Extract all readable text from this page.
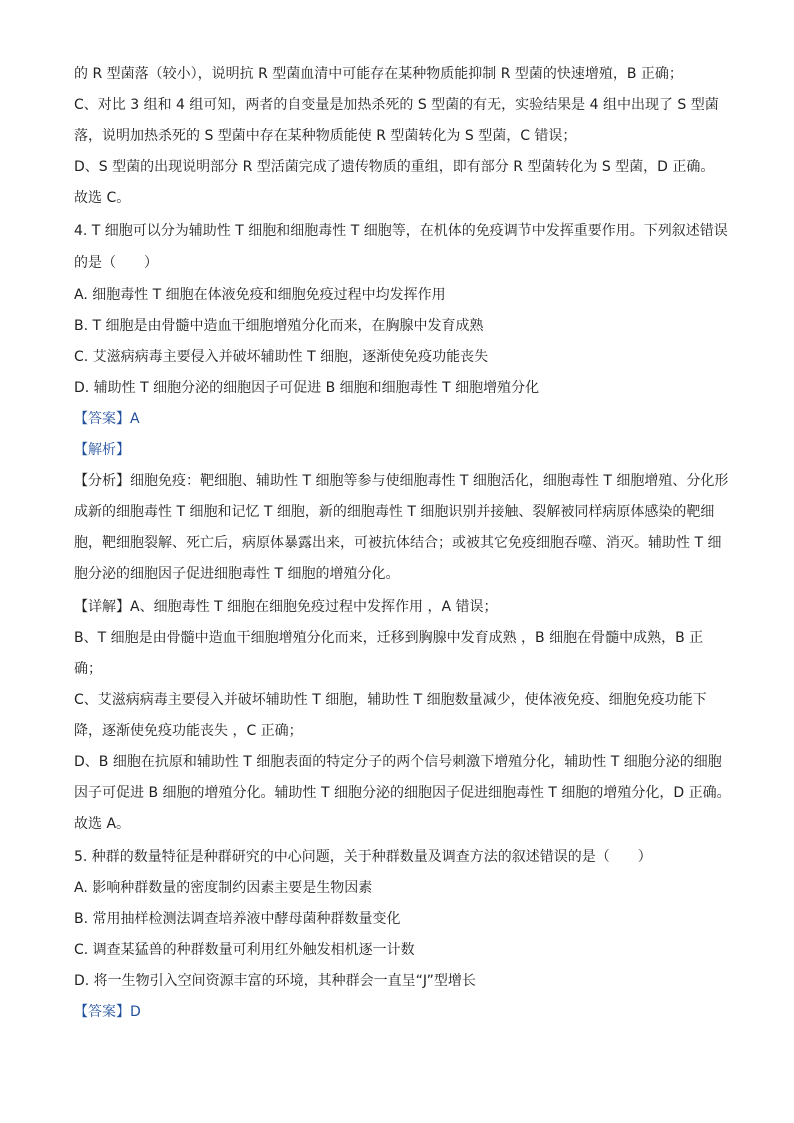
的 R 型菌落（较小），说明抗 R 型菌血清中可能存在某种物质能抑制 R 型菌的快速增殖，B 正确；
C、对比 3 组和 4 组可知，两者的自变量是加热杀死的 S 型菌的有无，实验结果是 4 组中出现了 S 型菌
落，说明加热杀死的 S 型菌中存在某种物质能使 R 型菌转化为 S 型菌，C 错误；
D、S 型菌的出现说明部分 R 型活菌完成了遗传物质的重组，即有部分 R 型菌转化为 S 型菌，D 正确。
故选 C。
4. T 细胞可以分为辅助性 T 细胞和细胞毒性 T 细胞等，在机体的免疫调节中发挥重要作用。下列叙述错误
的是（　　）
A. 细胞毒性 T 细胞在体液免疫和细胞免疫过程中均发挥作用
B. T 细胞是由骨髓中造血干细胞增殖分化而来，在胸腺中发育成熟
C. 艾滋病病毒主要侵入并破坏辅助性 T 细胞，逐渐使免疫功能丧失
D. 辅助性 T 细胞分泌的细胞因子可促进 B 细胞和细胞毒性 T 细胞增殖分化
【答案】A
【解析】
【分析】细胞免疫：靶细胞、辅助性 T 细胞等参与使细胞毒性 T 细胞活化，细胞毒性 T 细胞增殖、分化形
成新的细胞毒性 T 细胞和记忆 T 细胞，新的细胞毒性 T 细胞识别并接触、裂解被同样病原体感染的靶细
胞，靶细胞裂解、死亡后，病原体暴露出来，可被抗体结合；或被其它免疫细胞吞噬、消灭。辅助性 T 细
胞分泌的细胞因子促进细胞毒性 T 细胞的增殖分化。
【详解】A、细胞毒性 T 细胞在细胞免疫过程中发挥作用 ，A 错误；
B、T 细胞是由骨髓中造血干细胞增殖分化而来，迁移到胸腺中发育成熟 ，B 细胞在骨髓中成熟，B 正
确；
C、艾滋病病毒主要侵入并破坏辅助性 T 细胞，辅助性 T 细胞数量减少，使体液免疫、细胞免疫功能下
降，逐渐使免疫功能丧失 ，C 正确；
D、B 细胞在抗原和辅助性 T 细胞表面的特定分子的两个信号刺激下增殖分化，辅助性 T 细胞分泌的细胞
因子可促进 B 细胞的增殖分化。辅助性 T 细胞分泌的细胞因子促进细胞毒性 T 细胞的增殖分化，D 正确。
故选 A。
5. 种群的数量特征是种群研究的中心问题，关于种群数量及调查方法的叙述错误的是（　　）
A. 影响种群数量的密度制约因素主要是生物因素
B. 常用抽样检测法调查培养液中酵母菌种群数量变化
C. 调查某猛兽的种群数量可利用红外触发相机逐一计数
D. 将一生物引入空间资源丰富的环境，其种群会一直呈“J”型增长
【答案】D
